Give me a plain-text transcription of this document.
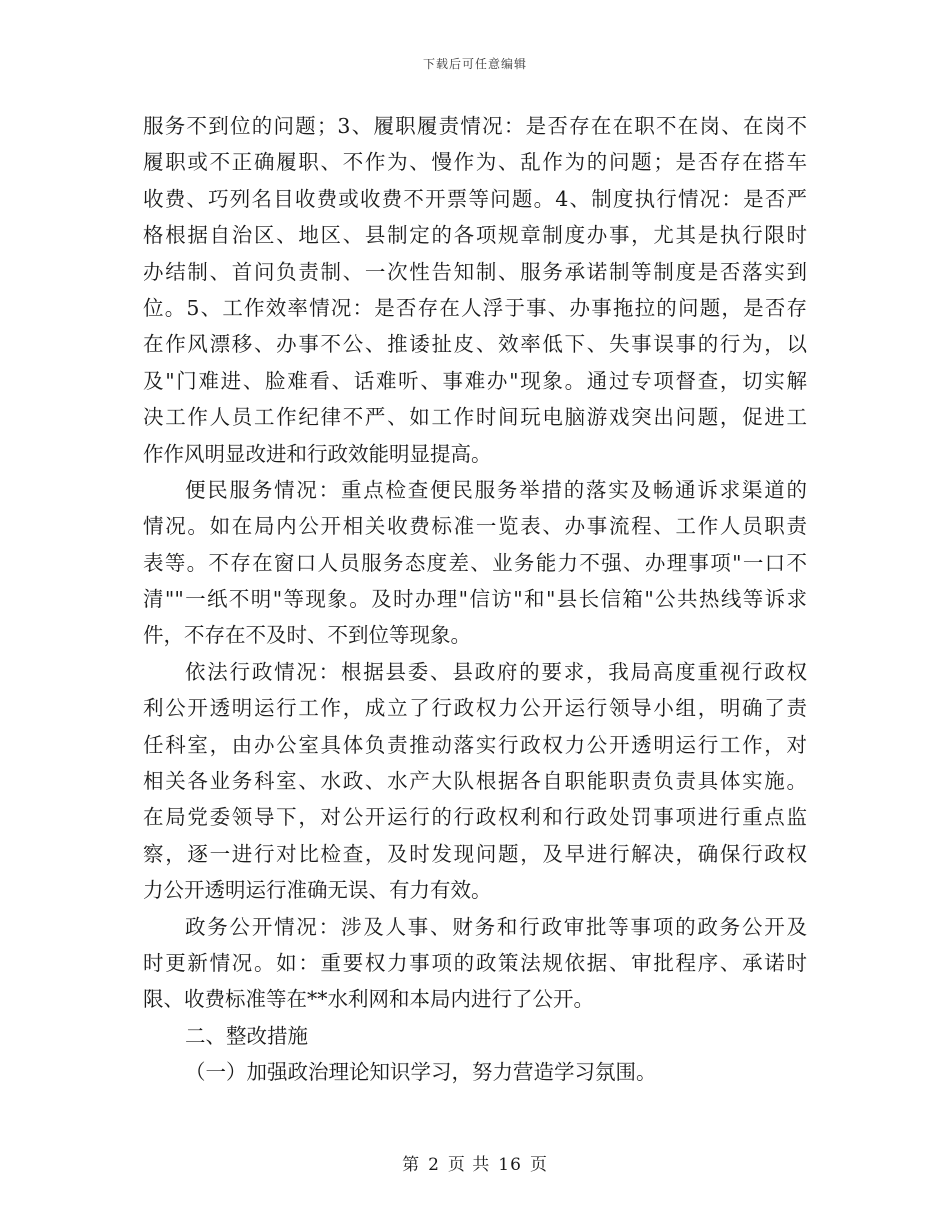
下载后可任意编辑
服务不到位的问题；3、履职履责情况：是否存在在职不在岗、在岗不
履职或不正确履职、不作为、慢作为、乱作为的问题；是否存在搭车
收费、巧列名目收费或收费不开票等问题。4、制度执行情况：是否严
格根据自治区、地区、县制定的各项规章制度办事，尤其是执行限时
办结制、首问负责制、一次性告知制、服务承诺制等制度是否落实到
位。5、工作效率情况：是否存在人浮于事、办事拖拉的问题，是否存
在作风漂移、办事不公、推诿扯皮、效率低下、失事误事的行为，以
及"门难进、脸难看、话难听、事难办"现象。通过专项督查，切实解
决工作人员工作纪律不严、如工作时间玩电脑游戏突出问题，促进工
作作风明显改进和行政效能明显提高。
便民服务情况：重点检查便民服务举措的落实及畅通诉求渠道的
情况。如在局内公开相关收费标准一览表、办事流程、工作人员职责
表等。不存在窗口人员服务态度差、业务能力不强、办理事项"一口不
清""一纸不明"等现象。及时办理"信访"和"县长信箱"公共热线等诉求
件，不存在不及时、不到位等现象。
依法行政情况：根据县委、县政府的要求，我局高度重视行政权
利公开透明运行工作，成立了行政权力公开运行领导小组，明确了责
任科室，由办公室具体负责推动落实行政权力公开透明运行工作，对
相关各业务科室、水政、水产大队根据各自职能职责负责具体实施。
在局党委领导下，对公开运行的行政权利和行政处罚事项进行重点监
察，逐一进行对比检查，及时发现问题，及早进行解决，确保行政权
力公开透明运行准确无误、有力有效。
政务公开情况：涉及人事、财务和行政审批等事项的政务公开及
时更新情况。如：重要权力事项的政策法规依据、审批程序、承诺时
限、收费标准等在**水利网和本局内进行了公开。
二、整改措施
（一）加强政治理论知识学习，努力营造学习氛围。
第 2 页 共 16 页
